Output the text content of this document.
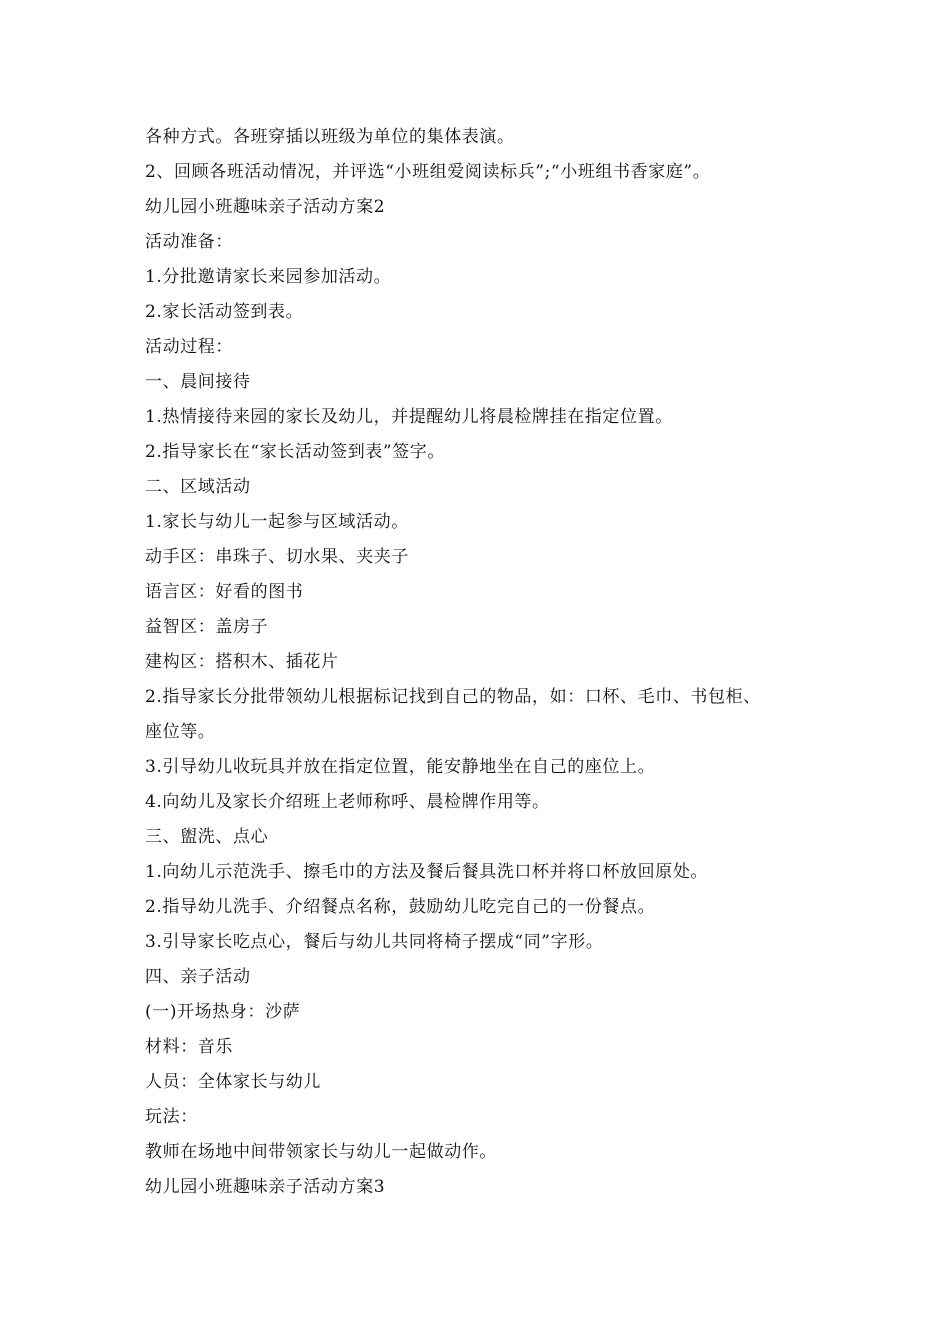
各种方式。各班穿插以班级为单位的集体表演。
2、回顾各班活动情况，并评选“小班组爱阅读标兵”;“小班组书香家庭”。
幼儿园小班趣味亲子活动方案2
活动准备：
1.分批邀请家长来园参加活动。
2.家长活动签到表。
活动过程：
一、晨间接待
1.热情接待来园的家长及幼儿，并提醒幼儿将晨检牌挂在指定位置。
2.指导家长在“家长活动签到表”签字。
二、区域活动
1.家长与幼儿一起参与区域活动。
动手区：串珠子、切水果、夹夹子
语言区：好看的图书
益智区：盖房子
建构区：搭积木、插花片
2.指导家长分批带领幼儿根据标记找到自己的物品，如：口杯、毛巾、书包柜、
座位等。
3.引导幼儿收玩具并放在指定位置，能安静地坐在自己的座位上。
4.向幼儿及家长介绍班上老师称呼、晨检牌作用等。
三、盥洗、点心
1.向幼儿示范洗手、擦毛巾的方法及餐后餐具洗口杯并将口杯放回原处。
2.指导幼儿洗手、介绍餐点名称，鼓励幼儿吃完自己的一份餐点。
3.引导家长吃点心，餐后与幼儿共同将椅子摆成“同”字形。
四、亲子活动
(一)开场热身：沙萨
材料：音乐
人员：全体家长与幼儿
玩法：
教师在场地中间带领家长与幼儿一起做动作。
幼儿园小班趣味亲子活动方案3
